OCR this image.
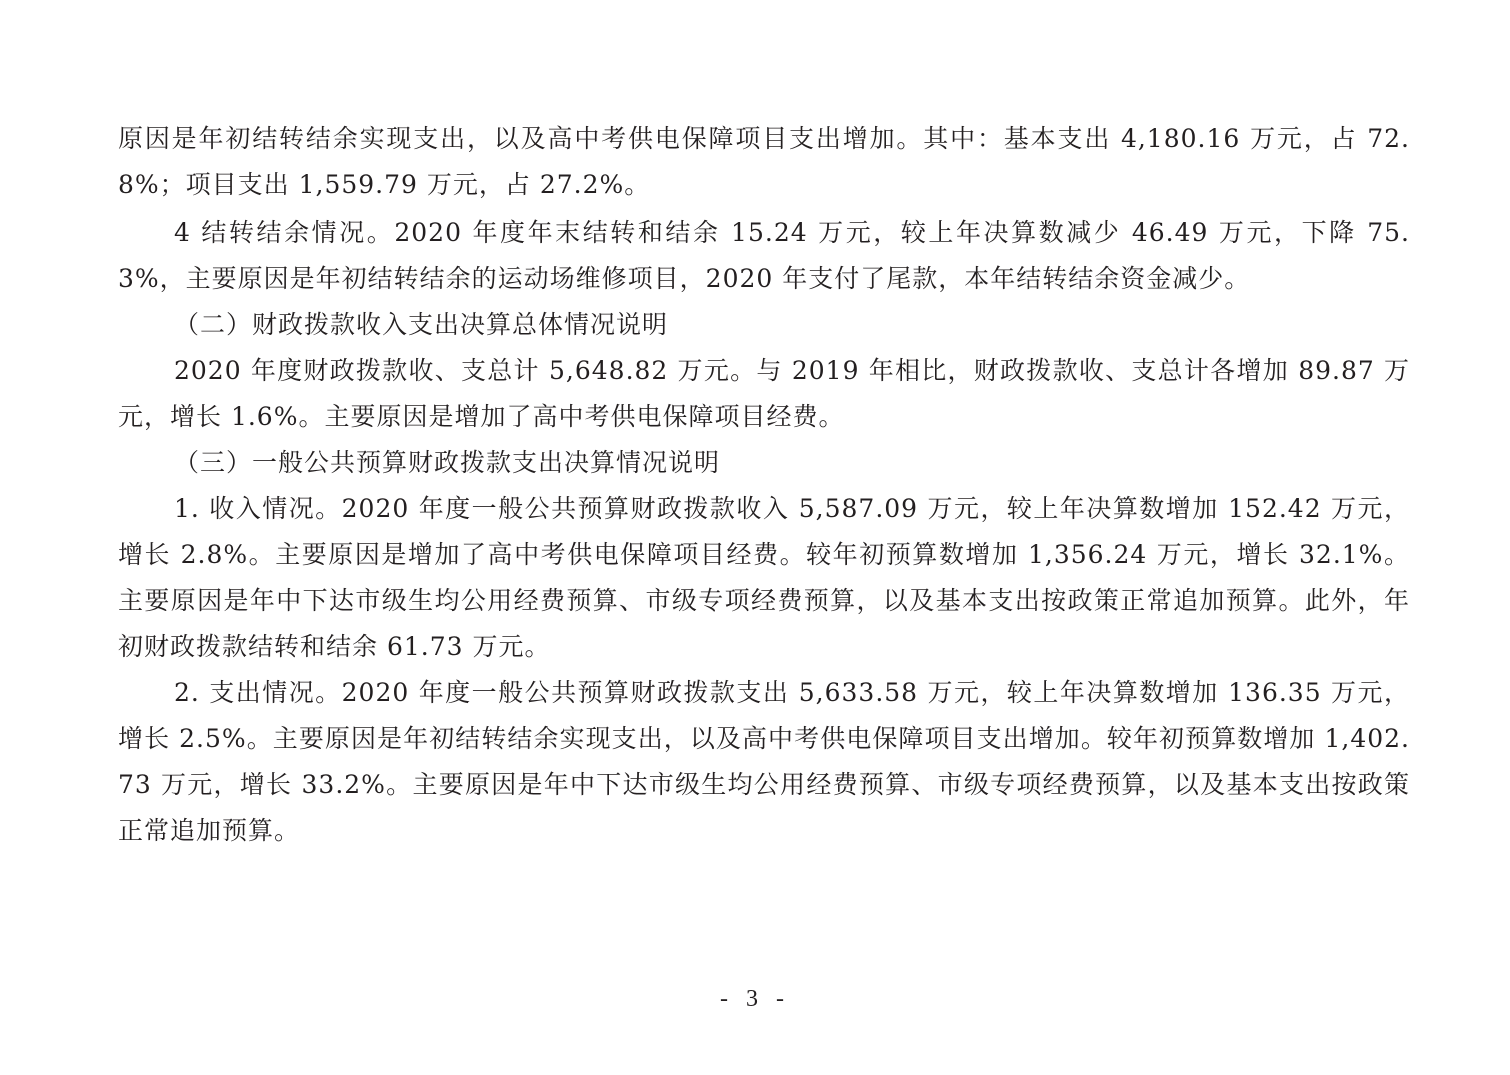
原因是年初结转结余实现支出，以及高中考供电保障项目支出增加。其中：基本支出 4,180.16 万元，占 72.8%；项目支出 1,559.79 万元，占 27.2%。

4 结转结余情况。2020 年度年末结转和结余 15.24 万元，较上年决算数减少 46.49 万元，下降 75.3%，主要原因是年初结转结余的运动场维修项目，2020 年支付了尾款，本年结转结余资金减少。

（二）财政拨款收入支出决算总体情况说明

2020 年度财政拨款收、支总计 5,648.82 万元。与 2019 年相比，财政拨款收、支总计各增加 89.87 万元，增长 1.6%。主要原因是增加了高中考供电保障项目经费。

（三）一般公共预算财政拨款支出决算情况说明

1. 收入情况。2020 年度一般公共预算财政拨款收入 5,587.09 万元，较上年决算数增加 152.42 万元，增长 2.8%。主要原因是增加了高中考供电保障项目经费。较年初预算数增加 1,356.24 万元，增长 32.1%。主要原因是年中下达市级生均公用经费预算、市级专项经费预算，以及基本支出按政策正常追加预算。此外，年初财政拨款结转和结余 61.73 万元。

2. 支出情况。2020 年度一般公共预算财政拨款支出 5,633.58 万元，较上年决算数增加 136.35 万元，增长 2.5%。主要原因是年初结转结余实现支出，以及高中考供电保障项目支出增加。较年初预算数增加 1,402.73 万元，增长 33.2%。主要原因是年中下达市级生均公用经费预算、市级专项经费预算，以及基本支出按政策正常追加预算。

- 3 -
